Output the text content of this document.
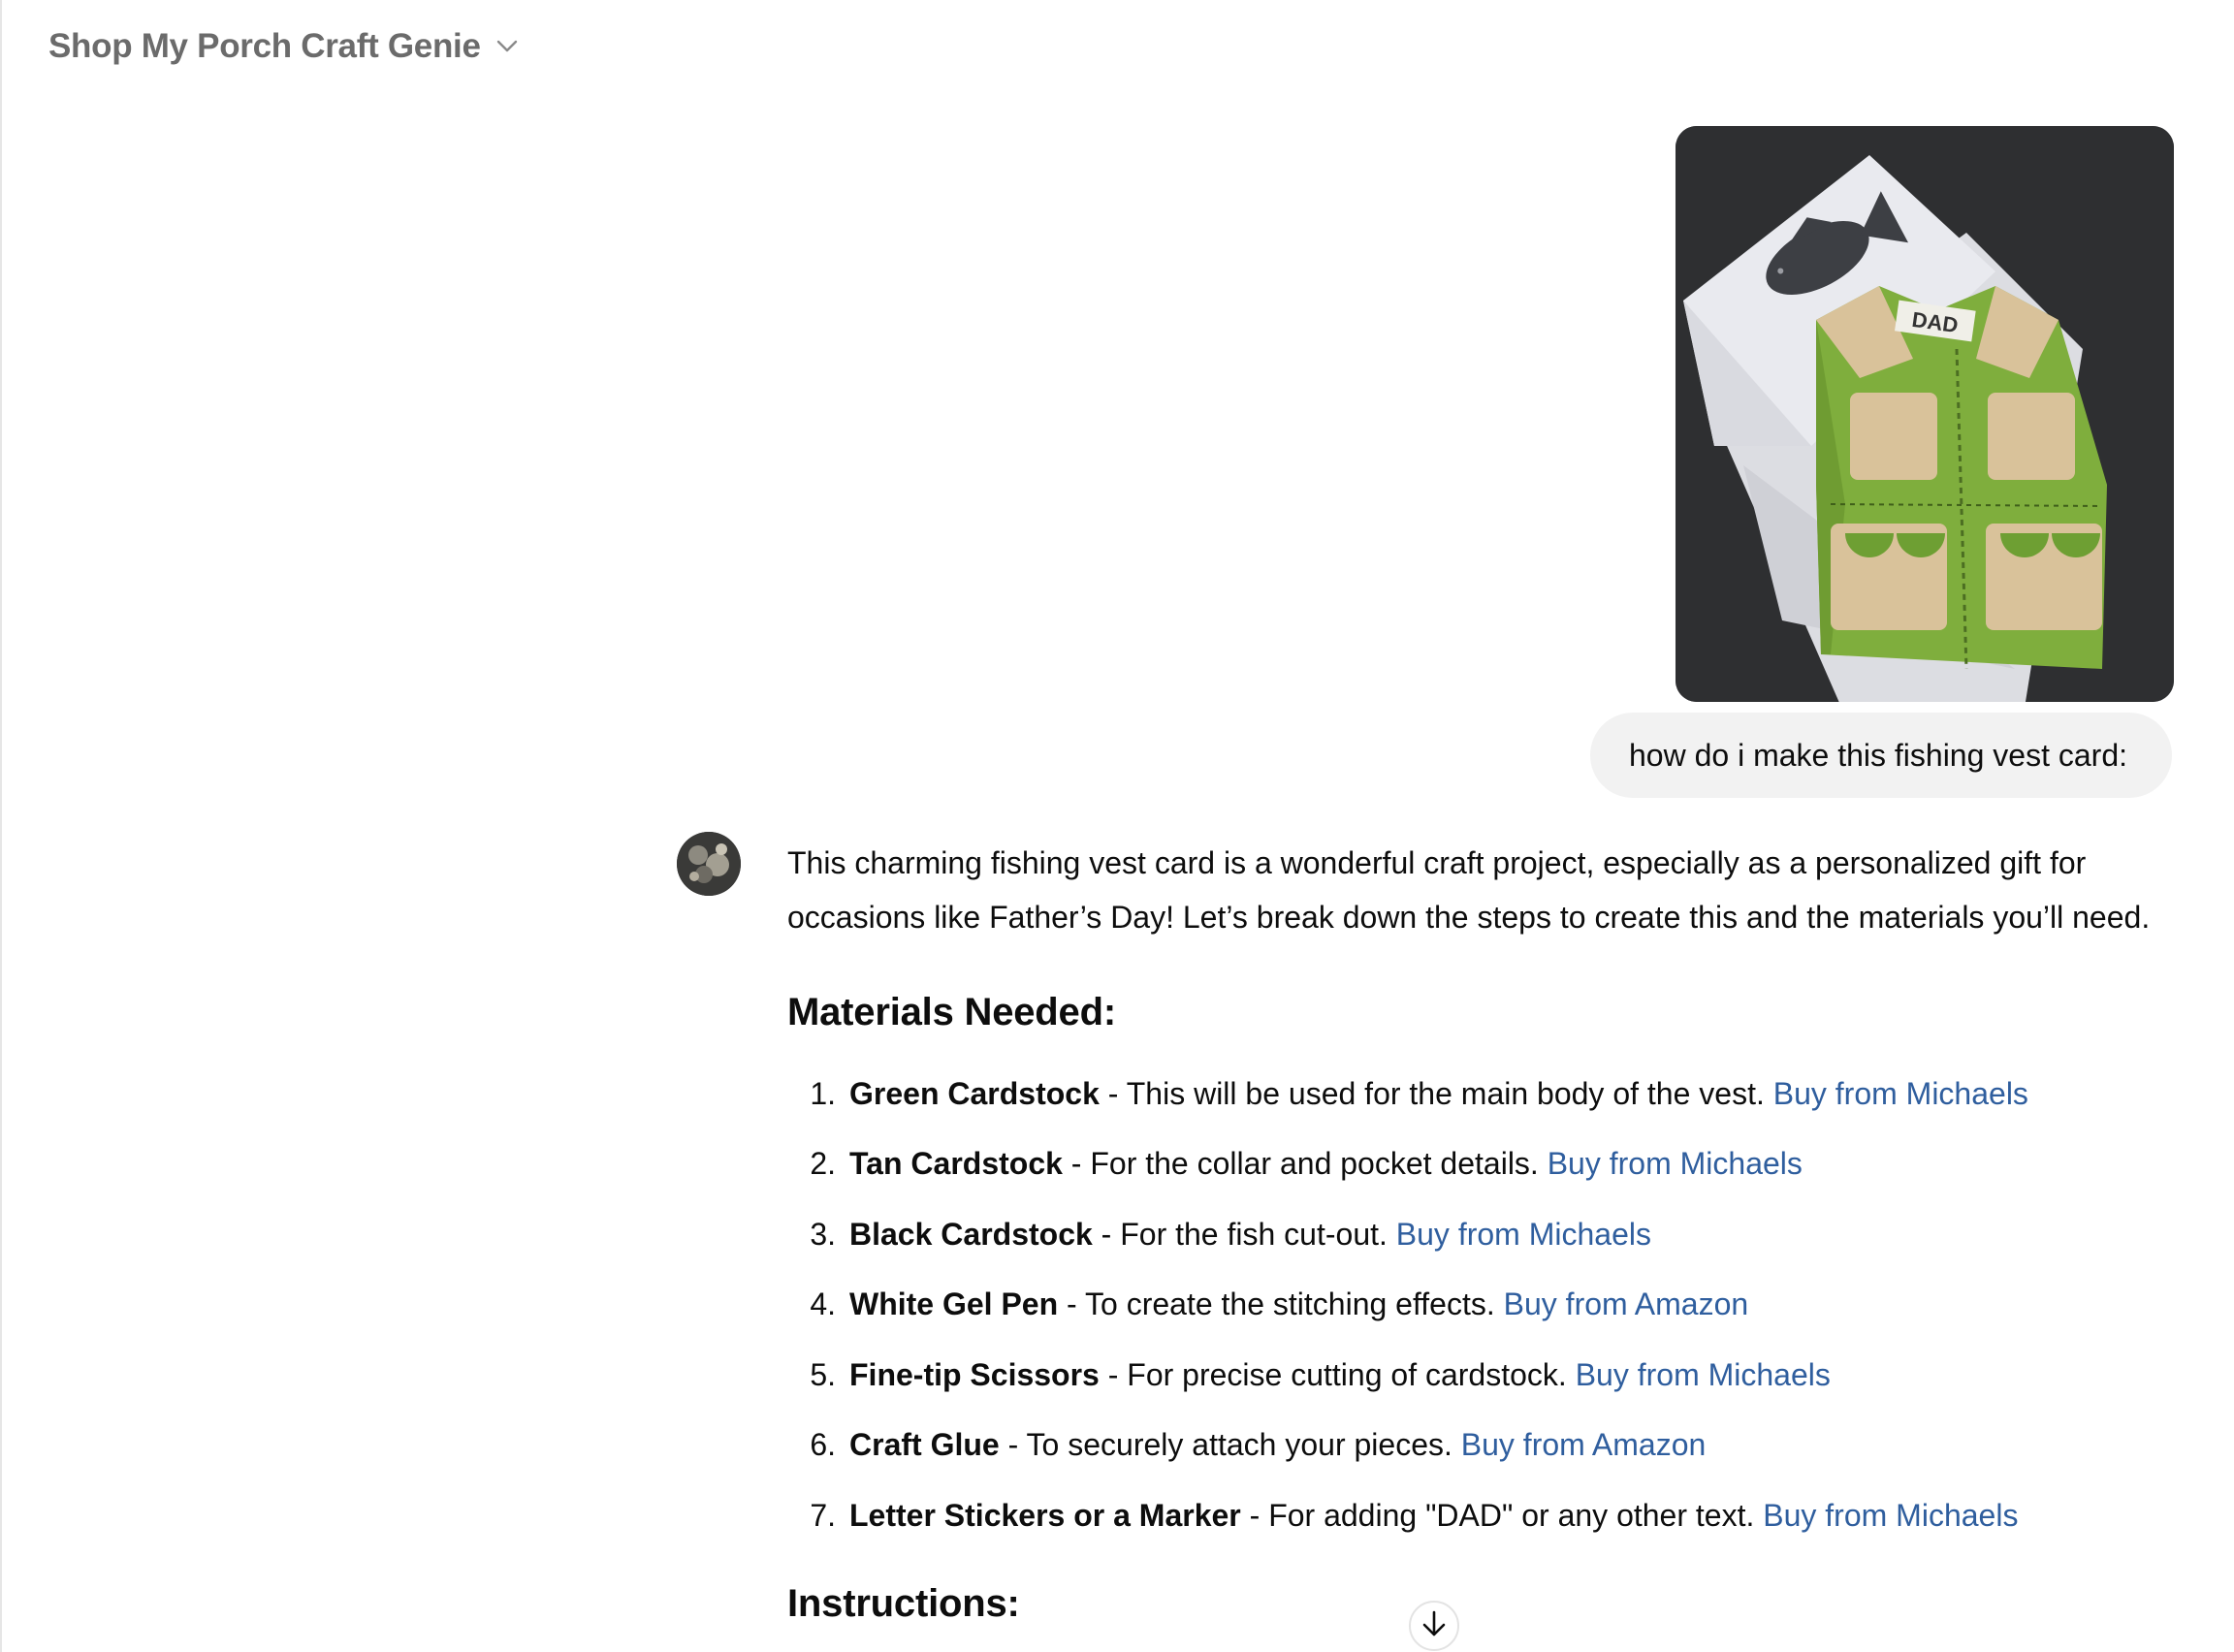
Shop My Porch Craft Genie
DAD
how do i make this fishing vest card:

This charming fishing vest card is a wonderful craft project, especially as a personalized gift for
occasions like Father’s Day! Let’s break down the steps to create this and the materials you’ll need.

Materials Needed:
1. Green Cardstock - This will be used for the main body of the vest. Buy from Michaels
2. Tan Cardstock - For the collar and pocket details. Buy from Michaels
3. Black Cardstock - For the fish cut-out. Buy from Michaels
4. White Gel Pen - To create the stitching effects. Buy from Amazon
5. Fine-tip Scissors - For precise cutting of cardstock. Buy from Michaels
6. Craft Glue - To securely attach your pieces. Buy from Amazon
7. Letter Stickers or a Marker - For adding "DAD" or any other text. Buy from Michaels
Instructions:
